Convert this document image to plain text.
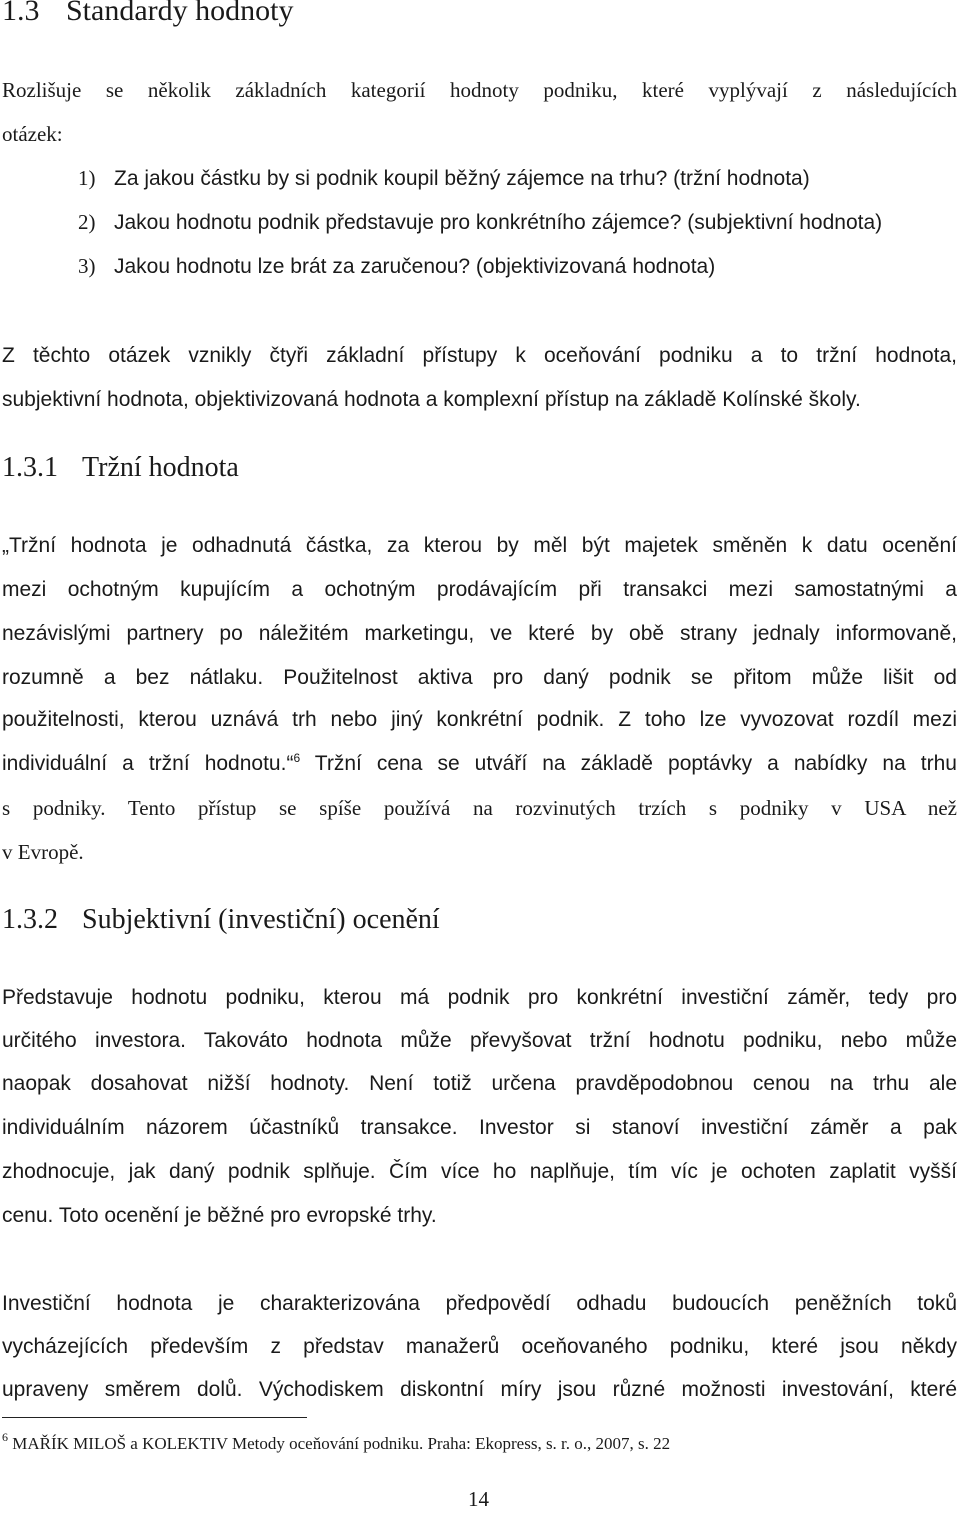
1.3 Standardy hodnoty
Rozlišuje se několik základních kategorií hodnoty podniku, které vyplývají z následujících
otázek:
1) Za jakou částku by si podnik koupil běžný zájemce na trhu? (tržní hodnota)
2) Jakou hodnotu podnik představuje pro konkrétního zájemce? (subjektivní hodnota)
3) Jakou hodnotu lze brát za zaručenou? (objektivizovaná hodnota)
Z těchto otázek vznikly čtyři základní přístupy k oceňování podniku a to tržní hodnota,
subjektivní hodnota, objektivizovaná hodnota a komplexní přístup na základě Kolínské školy.
1.3.1 Tržní hodnota
„Tržní hodnota je odhadnutá částka, za kterou by měl být majetek směněn k datu ocenění
mezi ochotným kupujícím a ochotným prodávajícím při transakci mezi samostatnými a
nezávislými partnery po náležitém marketingu, ve které by obě strany jednaly informovaně,
rozumně a bez nátlaku. Použitelnost aktiva pro daný podnik se přitom může lišit od
použitelnosti, kterou uznává trh nebo jiný konkrétní podnik. Z toho lze vyvozovat rozdíl mezi
individuální a tržní hodnotu.“$^6$ Tržní cena se utváří na základě poptávky a nabídky na trhu
s podniky. Tento přístup se spíše používá na rozvinutých trzích s podniky v USA než
v Evropě.
1.3.2 Subjektivní (investiční) ocenění
Představuje hodnotu podniku, kterou má podnik pro konkrétní investiční záměr, tedy pro
určitého investora. Takováto hodnota může převyšovat tržní hodnotu podniku, nebo může
naopak dosahovat nižší hodnoty. Není totiž určena pravděpodobnou cenou na trhu ale
individuálním názorem účastníků transakce. Investor si stanoví investiční záměr a pak
zhodnocuje, jak daný podnik splňuje. Čím více ho naplňuje, tím víc je ochoten zaplatit vyšší
cenu. Toto ocenění je běžné pro evropské trhy.
Investiční hodnota je charakterizována předpovědí odhadu budoucích peněžních toků
vycházejících především z představ manažerů oceňovaného podniku, které jsou někdy
upraveny směrem dolů. Východiskem diskontní míry jsou různé možnosti investování, které
$^6$ MAŘÍK MILOŠ a KOLEKTIV Metody oceňování podniku. Praha: Ekopress, s. r. o., 2007, s. 22
14
